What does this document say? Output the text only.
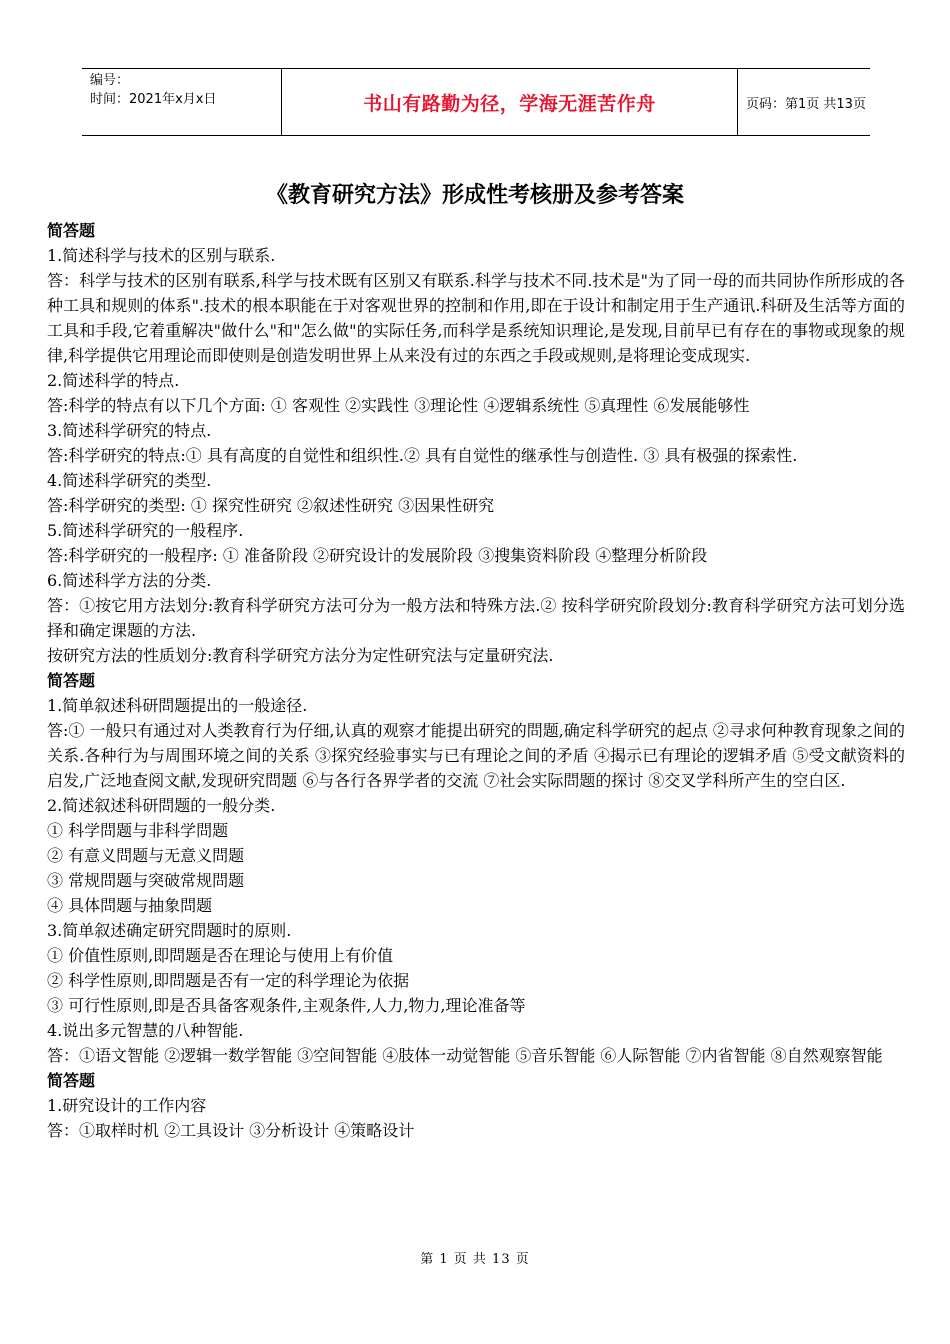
编号：
时间：2021年x月x日	书山有路勤为径，学海无涯苦作舟	页码：第1页 共13页
《教育研究方法》形成性考核册及参考答案

简答题

1.简述科学与技术的区别与联系.

答：科学与技术的区别有联系,科学与技术既有区别又有联系.科学与技术不同.技术是"为了同一母的而共同协作所形成的各种工具和规则的体系".技术的根本职能在于对客观世界的控制和作用,即在于设计和制定用于生产通讯.科研及生活等方面的工具和手段,它着重解决"做什么"和"怎么做"的实际任务,而科学是系统知识理论,是发现,目前早已有存在的事物或现象的规律,科学提供它用理论而即使则是创造发明世界上从来没有过的东西之手段或规则,是将理论变成现实.

2.简述科学的特点.

答:科学的特点有以下几个方面: ① 客观性 ②实践性 ③理论性 ④逻辑系统性 ⑤真理性 ⑥发展能够性

3.简述科学研究的特点.

答:科学研究的特点:① 具有高度的自觉性和组织性.② 具有自觉性的继承性与创造性. ③ 具有极强的探索性.

4.简述科学研究的类型.

答:科学研究的类型: ① 探究性研究 ②叙述性研究 ③因果性研究

5.简述科学研究的一般程序.

答:科学研究的一般程序: ① 准备阶段 ②研究设计的发展阶段 ③搜集资料阶段 ④整理分析阶段

6.简述科学方法的分类.

答：①按它用方法划分:教育科学研究方法可分为一般方法和特殊方法.② 按科学研究阶段划分:教育科学研究方法可划分选择和确定课题的方法.

按研究方法的性质划分:教育科学研究方法分为定性研究法与定量研究法.

简答题

1.简单叙述科研問题提出的一般途径.

答:① 一般只有通过对人类教育行为仔细,认真的观察才能提出研究的問题,确定科学研究的起点 ②寻求何种教育现象之间的关系.各种行为与周围环境之间的关系 ③探究经验事实与已有理论之间的矛盾 ④揭示已有理论的逻辑矛盾 ⑤受文献资料的启发,广泛地查阅文献,发现研究問题 ⑥与各行各界学者的交流 ⑦社会实际問题的探讨 ⑧交叉学科所产生的空白区.

2.简述叙述科研問题的一般分类.

① 科学問题与非科学問题

② 有意义問题与无意义問题

③ 常规問题与突破常规問题

④ 具体問题与抽象問题

3.简单叙述确定研究問题时的原则.

① 价值性原则,即問题是否在理论与使用上有价值

② 科学性原则,即問题是否有一定的科学理论为依据

③ 可行性原则,即是否具备客观条件,主观条件,人力,物力,理论准备等

4.说出多元智慧的八种智能.

答：①语文智能 ②逻辑一数学智能 ③空间智能 ④肢体一动觉智能 ⑤音乐智能 ⑥人际智能 ⑦内省智能 ⑧自然观察智能

简答题

1.研究设计的工作内容

答：①取样时机 ②工具设计 ③分析设计 ④策略设计

第 1 页 共 13 页
